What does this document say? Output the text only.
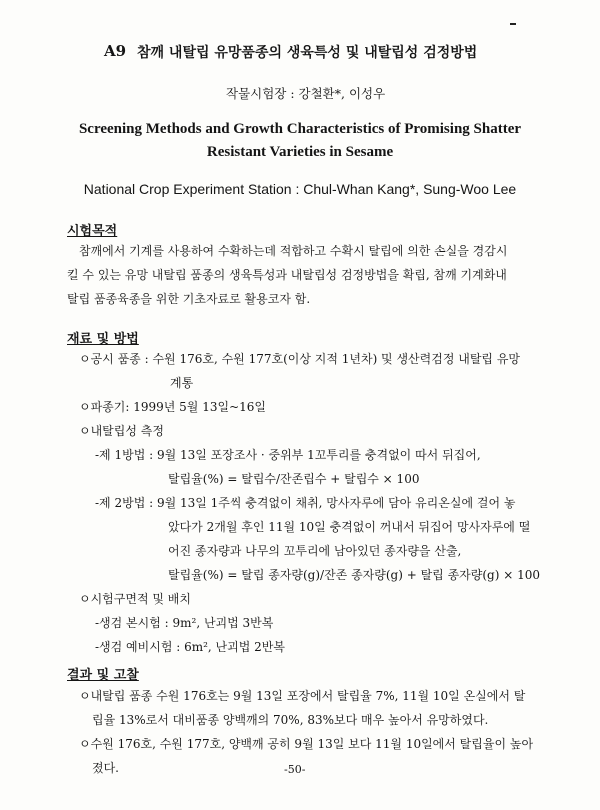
A9 참깨 내탈립 유망품종의 생육특성 및 내탈립성 검정방법
작물시험장 : 강철환*, 이성우
Screening Methods and Growth Characteristics of Promising Shatter
Resistant Varieties in Sesame
National Crop Experiment Station : Chul-Whan Kang*, Sung-Woo Lee
시험목적
참깨에서 기계를 사용하여 수확하는데 적합하고 수확시 탈립에 의한 손실을 경감시
킬 수 있는 유망 내탈립 품종의 생육특성과 내탈립성 검정방법을 확립, 참깨 기계화내
탈립 품종육종을 위한 기초자료로 활용코자 함.
재료 및 방법
ㅇ공시 품종 : 수원 176호, 수원 177호(이상 지적 1년차) 및 생산력검정 내탈립 유망
계통
ㅇ파종기: 1999년 5월 13일~16일
ㅇ내탈립성 측정
-제 1방법 : 9월 13일 포장조사 · 중위부 1꼬투리를 충격없이 따서 뒤집어,
탈립율(%) = 탈립수/잔존립수 + 탈립수 × 100
-제 2방법 : 9월 13일 1주씩 충격없이 채취, 망사자루에 담아 유리온실에 걸어 놓
았다가 2개월 후인 11월 10일 충격없이 꺼내서 뒤집어 망사자루에 떨
어진 종자량과 나무의 꼬투리에 남아있던 종자량을 산출,
탈립율(%) = 탈립 종자량(g)/잔존 종자량(g) + 탈립 종자량(g) × 100
ㅇ시험구면적 및 배치
-생검 본시험 : 9m², 난괴법 3반복
-생검 예비시험 : 6m², 난괴법 2반복
결과 및 고찰
ㅇ내탈립 품종 수원 176호는 9월 13일 포장에서 탈립율 7%, 11월 10일 온실에서 탈
립율 13%로서 대비품종 양백깨의 70%, 83%보다 매우 높아서 유망하였다.
ㅇ수원 176호, 수원 177호, 양백깨 공히 9월 13일 보다 11월 10일에서 탈립율이 높아
졌다.	-50-
